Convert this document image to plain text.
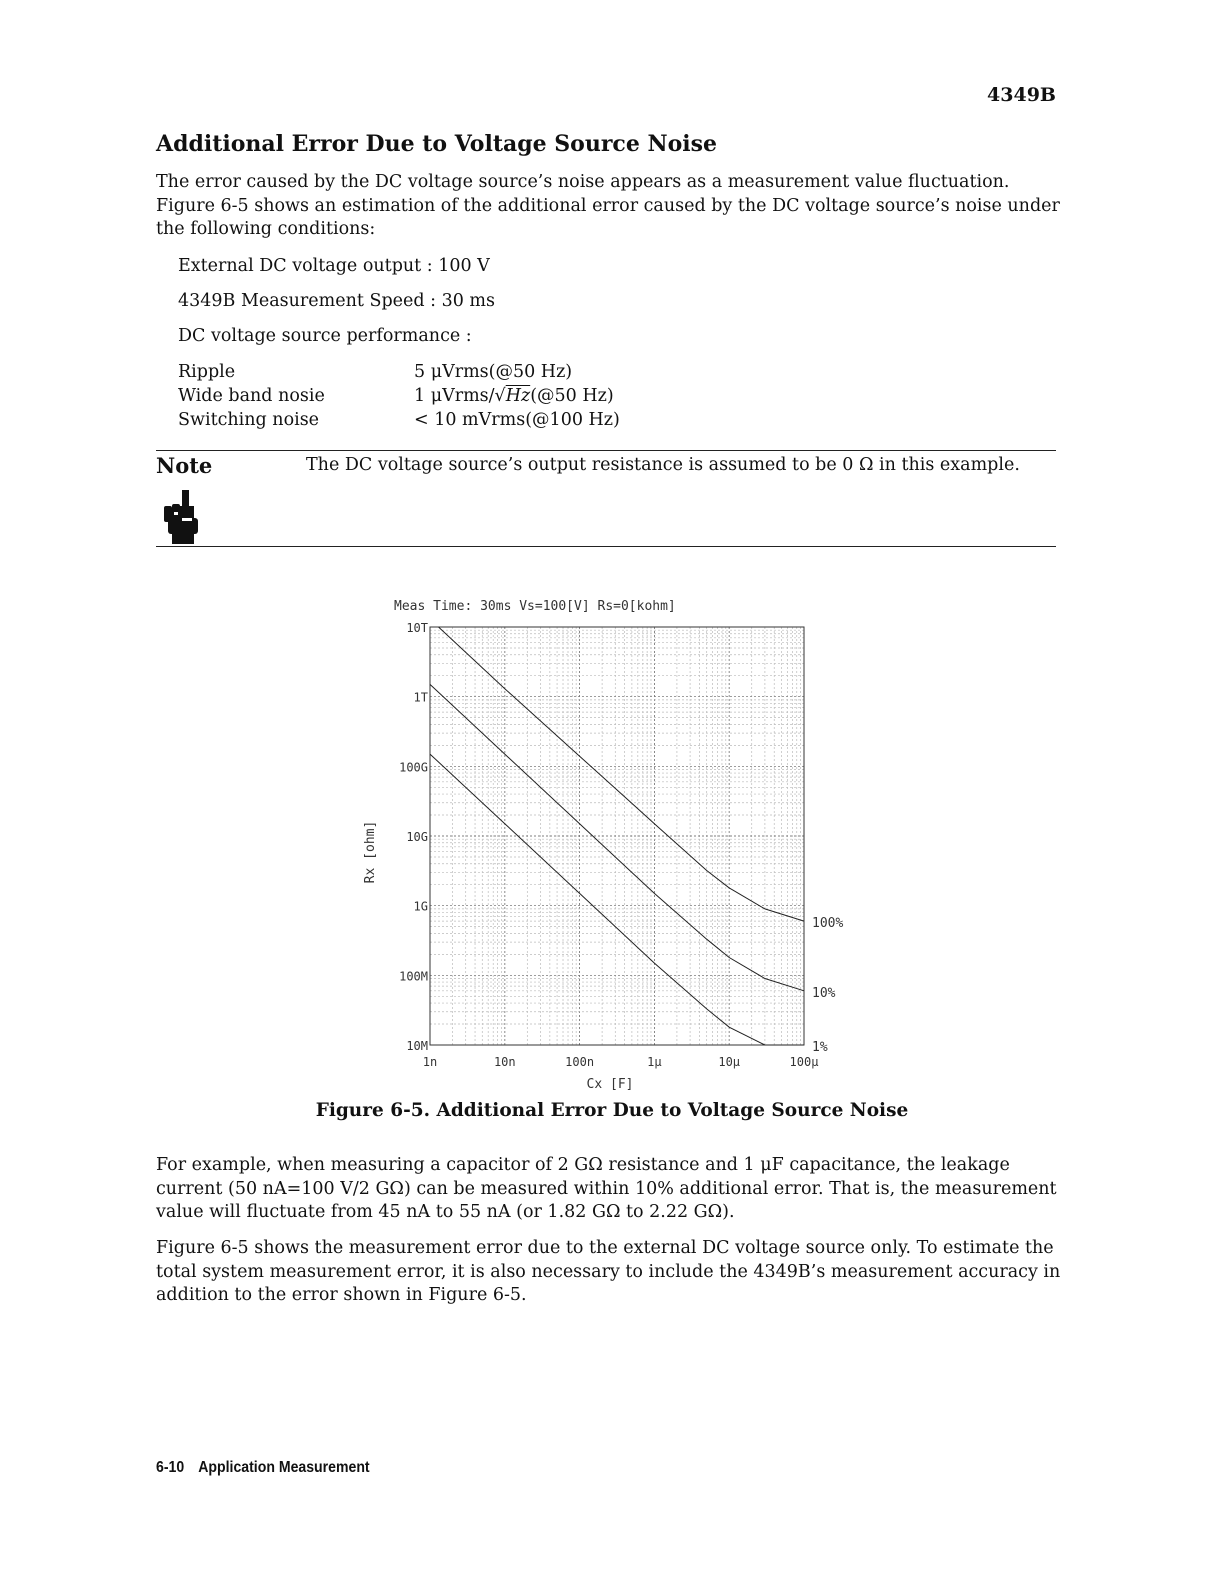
4349B
Additional Error Due to Voltage Source Noise

The error caused by the DC voltage source’s noise appears as a measurement value fluctuation. Figure 6-5 shows an estimation of the additional error caused by the DC voltage source’s noise under the following conditions:

External DC voltage output : 100 V
4349B Measurement Speed : 30 ms
DC voltage source performance :
Ripple	5 μVrms(@50 Hz)
Wide band nosie	1 μVrms/√Hz(@50 Hz)
Switching noise	< 10 mVrms(@100 Hz)
Note	The DC voltage source’s output resistance is assumed to be 0 Ω in this example.
Meas Time: 30ms Vs=100[V] Rs=0[kohm]
1n	10n	100n	1μ	10μ	100μ
10T
1T
100G
10G
1G
100M
10M
100%
10%
1%
Cx [F]
Rx [ohm]
Figure 6-5. Additional Error Due to Voltage Source Noise

For example, when measuring a capacitor of 2 GΩ resistance and 1 μF capacitance, the leakage current (50 nA=100 V/2 GΩ) can be measured within 10% additional error. That is, the measurement value will fluctuate from 45 nA to 55 nA (or 1.82 GΩ to 2.22 GΩ).

Figure 6-5 shows the measurement error due to the external DC voltage source only. To estimate the total system measurement error, it is also necessary to include the 4349B’s measurement accuracy in addition to the error shown in Figure 6-5.

6-10 Application Measurement
